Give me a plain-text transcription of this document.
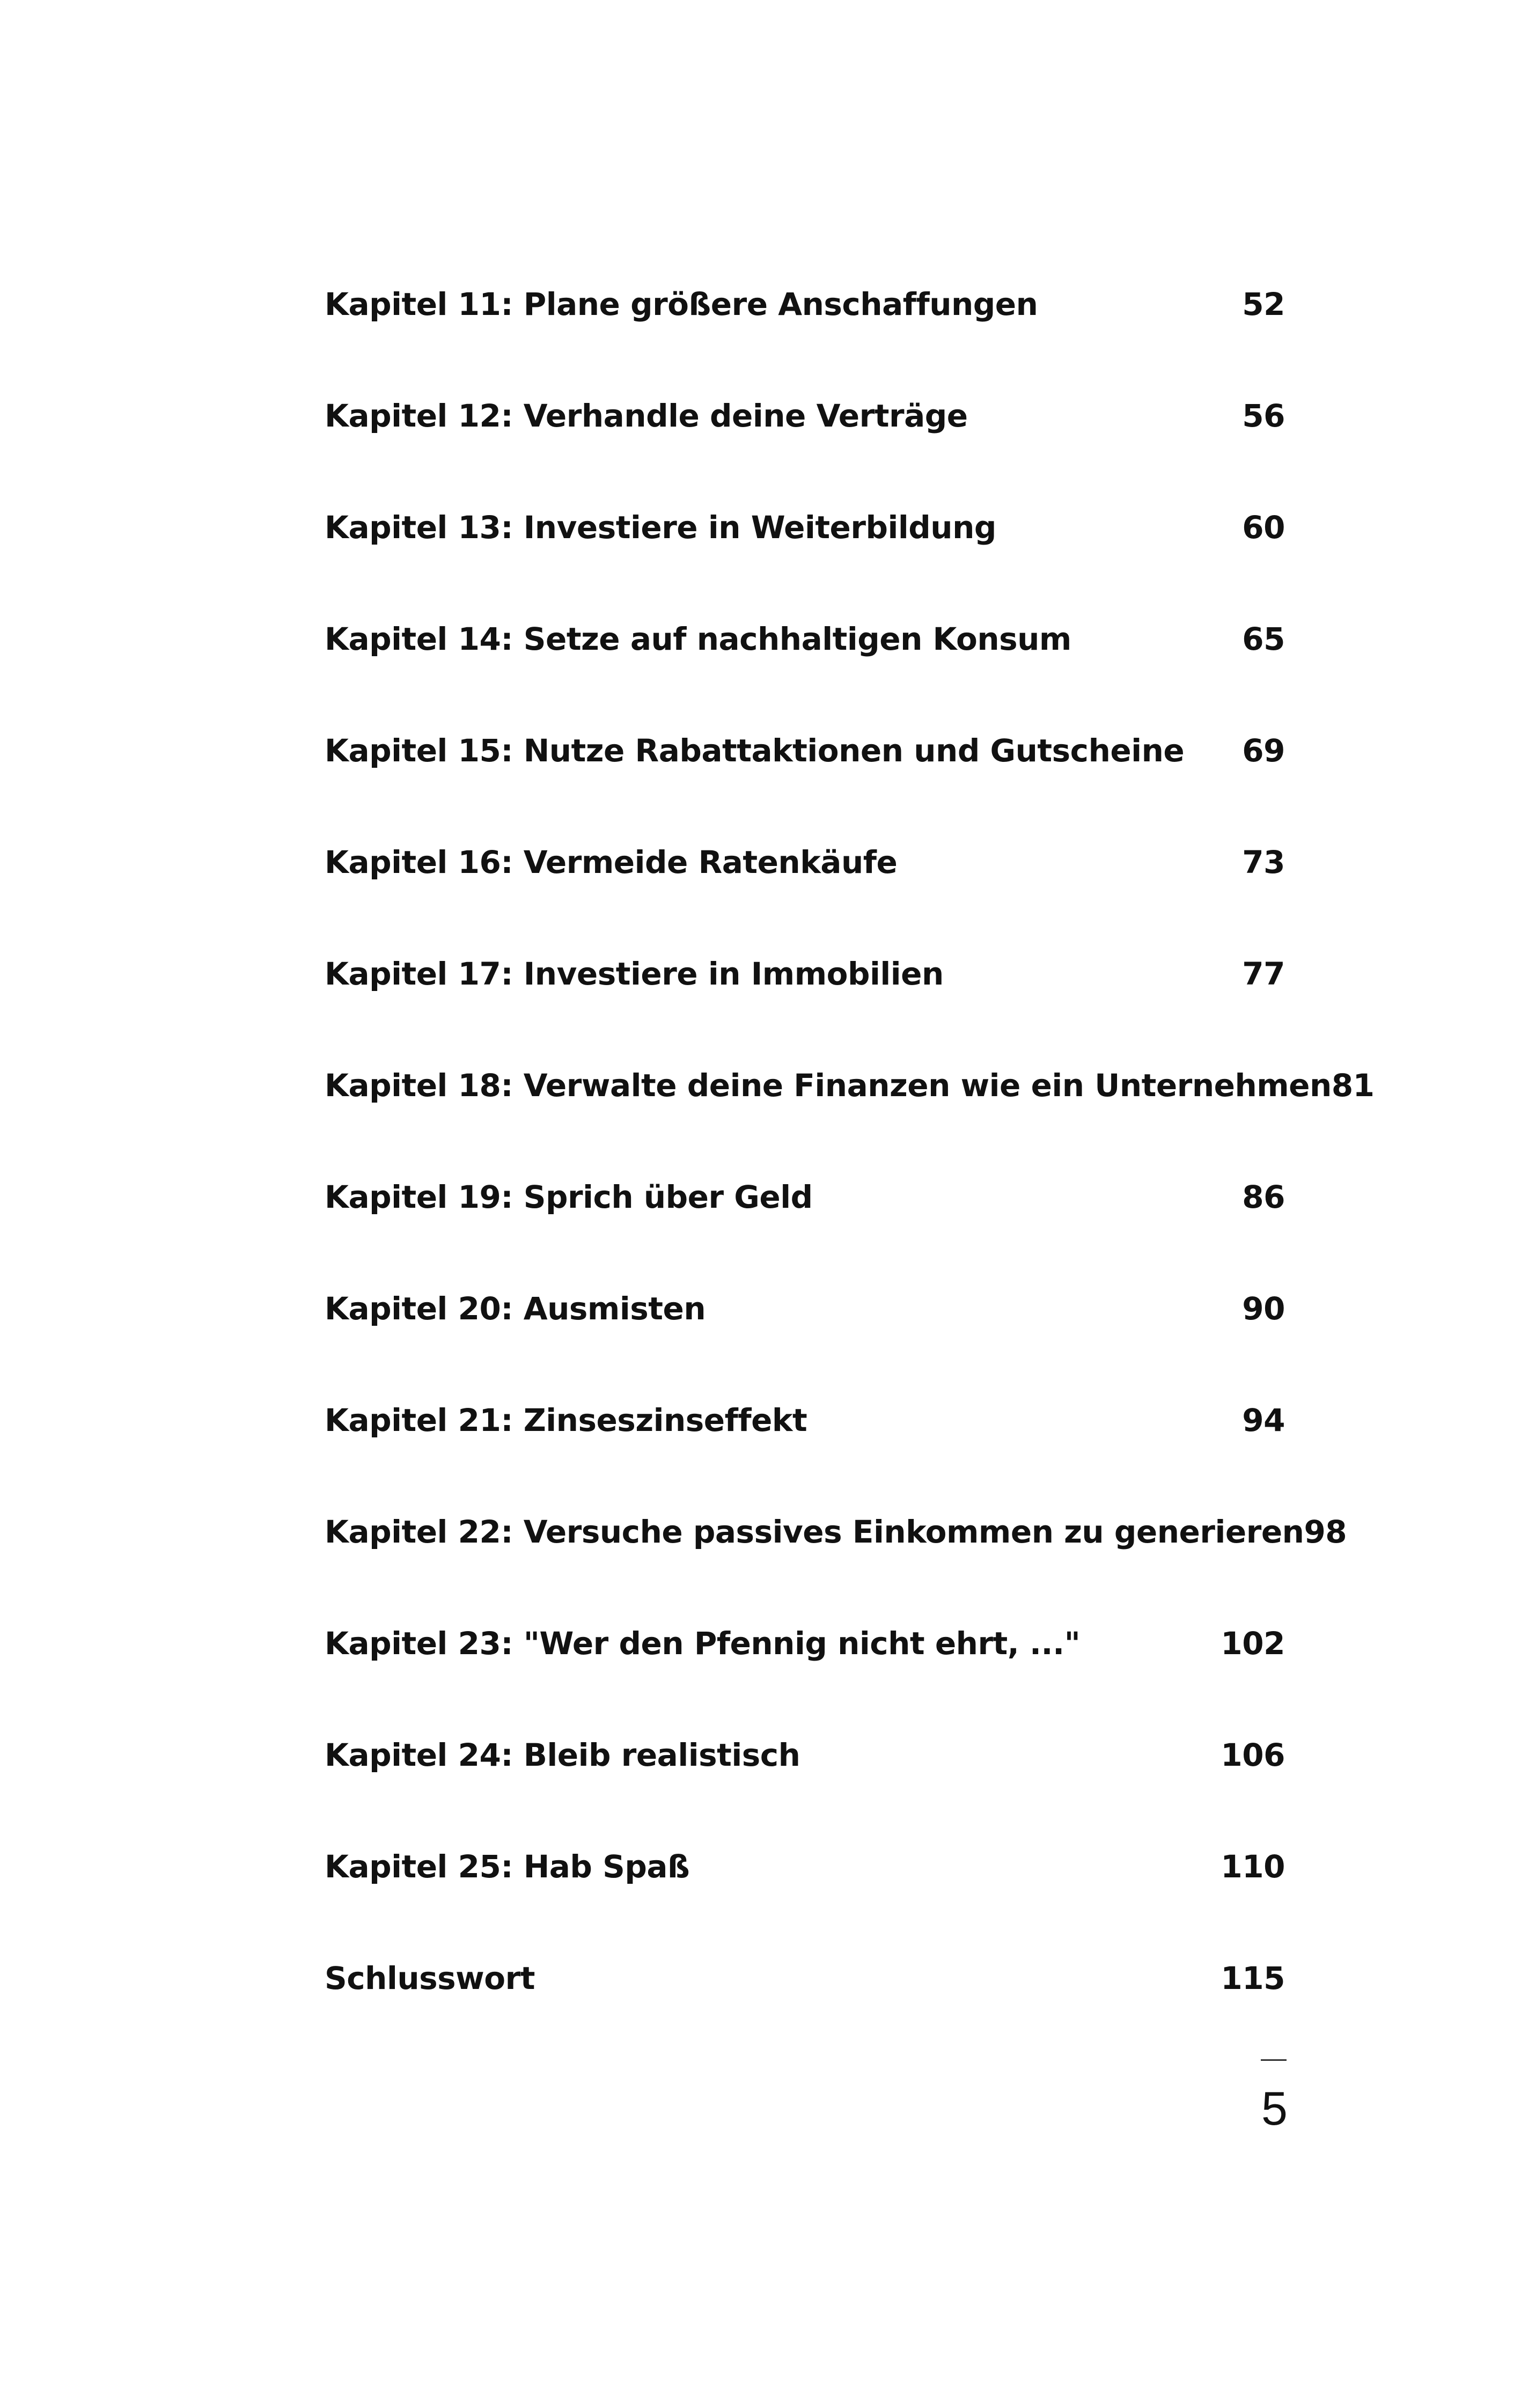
Kapitel 11: Plane größere Anschaffungen	52
Kapitel 12: Verhandle deine Verträge	56
Kapitel 13: Investiere in Weiterbildung	60
Kapitel 14: Setze auf nachhaltigen Konsum	65
Kapitel 15: Nutze Rabattaktionen und Gutscheine 69
Kapitel 16: Vermeide Ratenkäufe	73
Kapitel 17: Investiere in Immobilien	77
Kapitel 18: Verwalte deine Finanzen wie ein Unternehmen 81
Kapitel 19: Sprich über Geld	86
Kapitel 20: Ausmisten	90
Kapitel 21: Zinseszinseffekt	94
Kapitel 22: Versuche passives Einkommen zu generieren 98
Kapitel 23: "Wer den Pfennig nicht ehrt, ..."	102
Kapitel 24: Bleib realistisch	106
Kapitel 25: Hab Spaß	110
Schlusswort	115
5
